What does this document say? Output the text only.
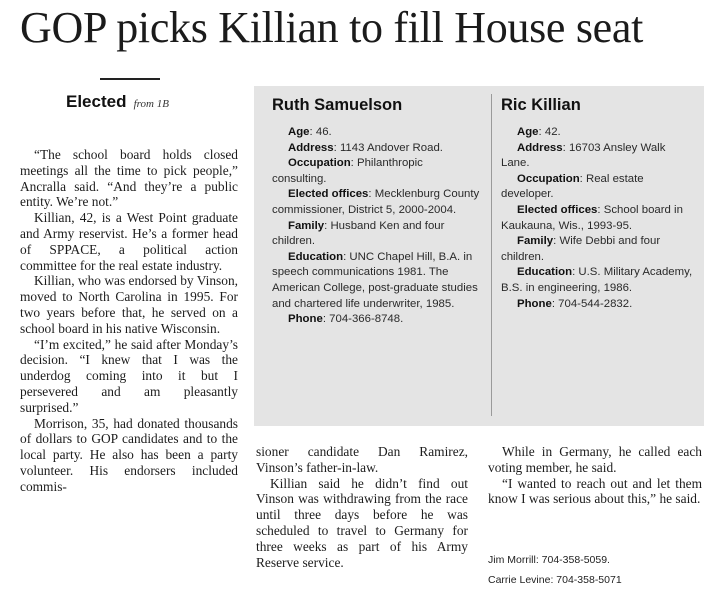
GOP picks Killian to fill House seat
Elected from 1B

“The school board holds closed meetings all the time to pick people,” Ancralla said. “And they’re a public entity. We’re not.”

Killian, 42, is a West Point graduate and Army reservist. He’s a former head of SPPACE, a political action committee for the real estate industry.

Killian, who was endorsed by Vinson, moved to North Carolina in 1995. For two years before that, he served on a school board in his native Wisconsin.

“I’m excited,” he said after Monday’s decision. “I knew that I was the underdog coming into it but I persevered and am pleasantly surprised.”

Morrison, 35, had donated thousands of dollars to GOP candidates and to the local party. He also has been a party volunteer. His endorsers included commis-

Ruth Samuelson
Age: 46.
Address: 1143 Andover Road.
Occupation: Philanthropic consulting.
Elected offices: Mecklenburg County commissioner, District 5, 2000-2004.
Family: Husband Ken and four children.
Education: UNC Chapel Hill, B.A. in speech communications 1981. The American College, post-graduate studies and chartered life underwriter, 1985.
Phone: 704-366-8748.
Ric Killian
Age: 42.
Address: 16703 Ansley Walk Lane.
Occupation: Real estate developer.
Elected offices: School board in Kaukauna, Wis., 1993-95.
Family: Wife Debbi and four children.
Education: U.S. Military Academy, B.S. in engineering, 1986.
Phone: 704-544-2832.

sioner candidate Dan Ramirez, Vinson’s father-in-law.

Killian said he didn’t find out Vinson was withdrawing from the race until three days before he was scheduled to travel to Germany for three weeks as part of his Army Reserve service.

While in Germany, he called each voting member, he said.

“I wanted to reach out and let them know I was serious about this,” he said.

Jim Morrill: 704-358-5059.
Carrie Levine: 704-358-5071
